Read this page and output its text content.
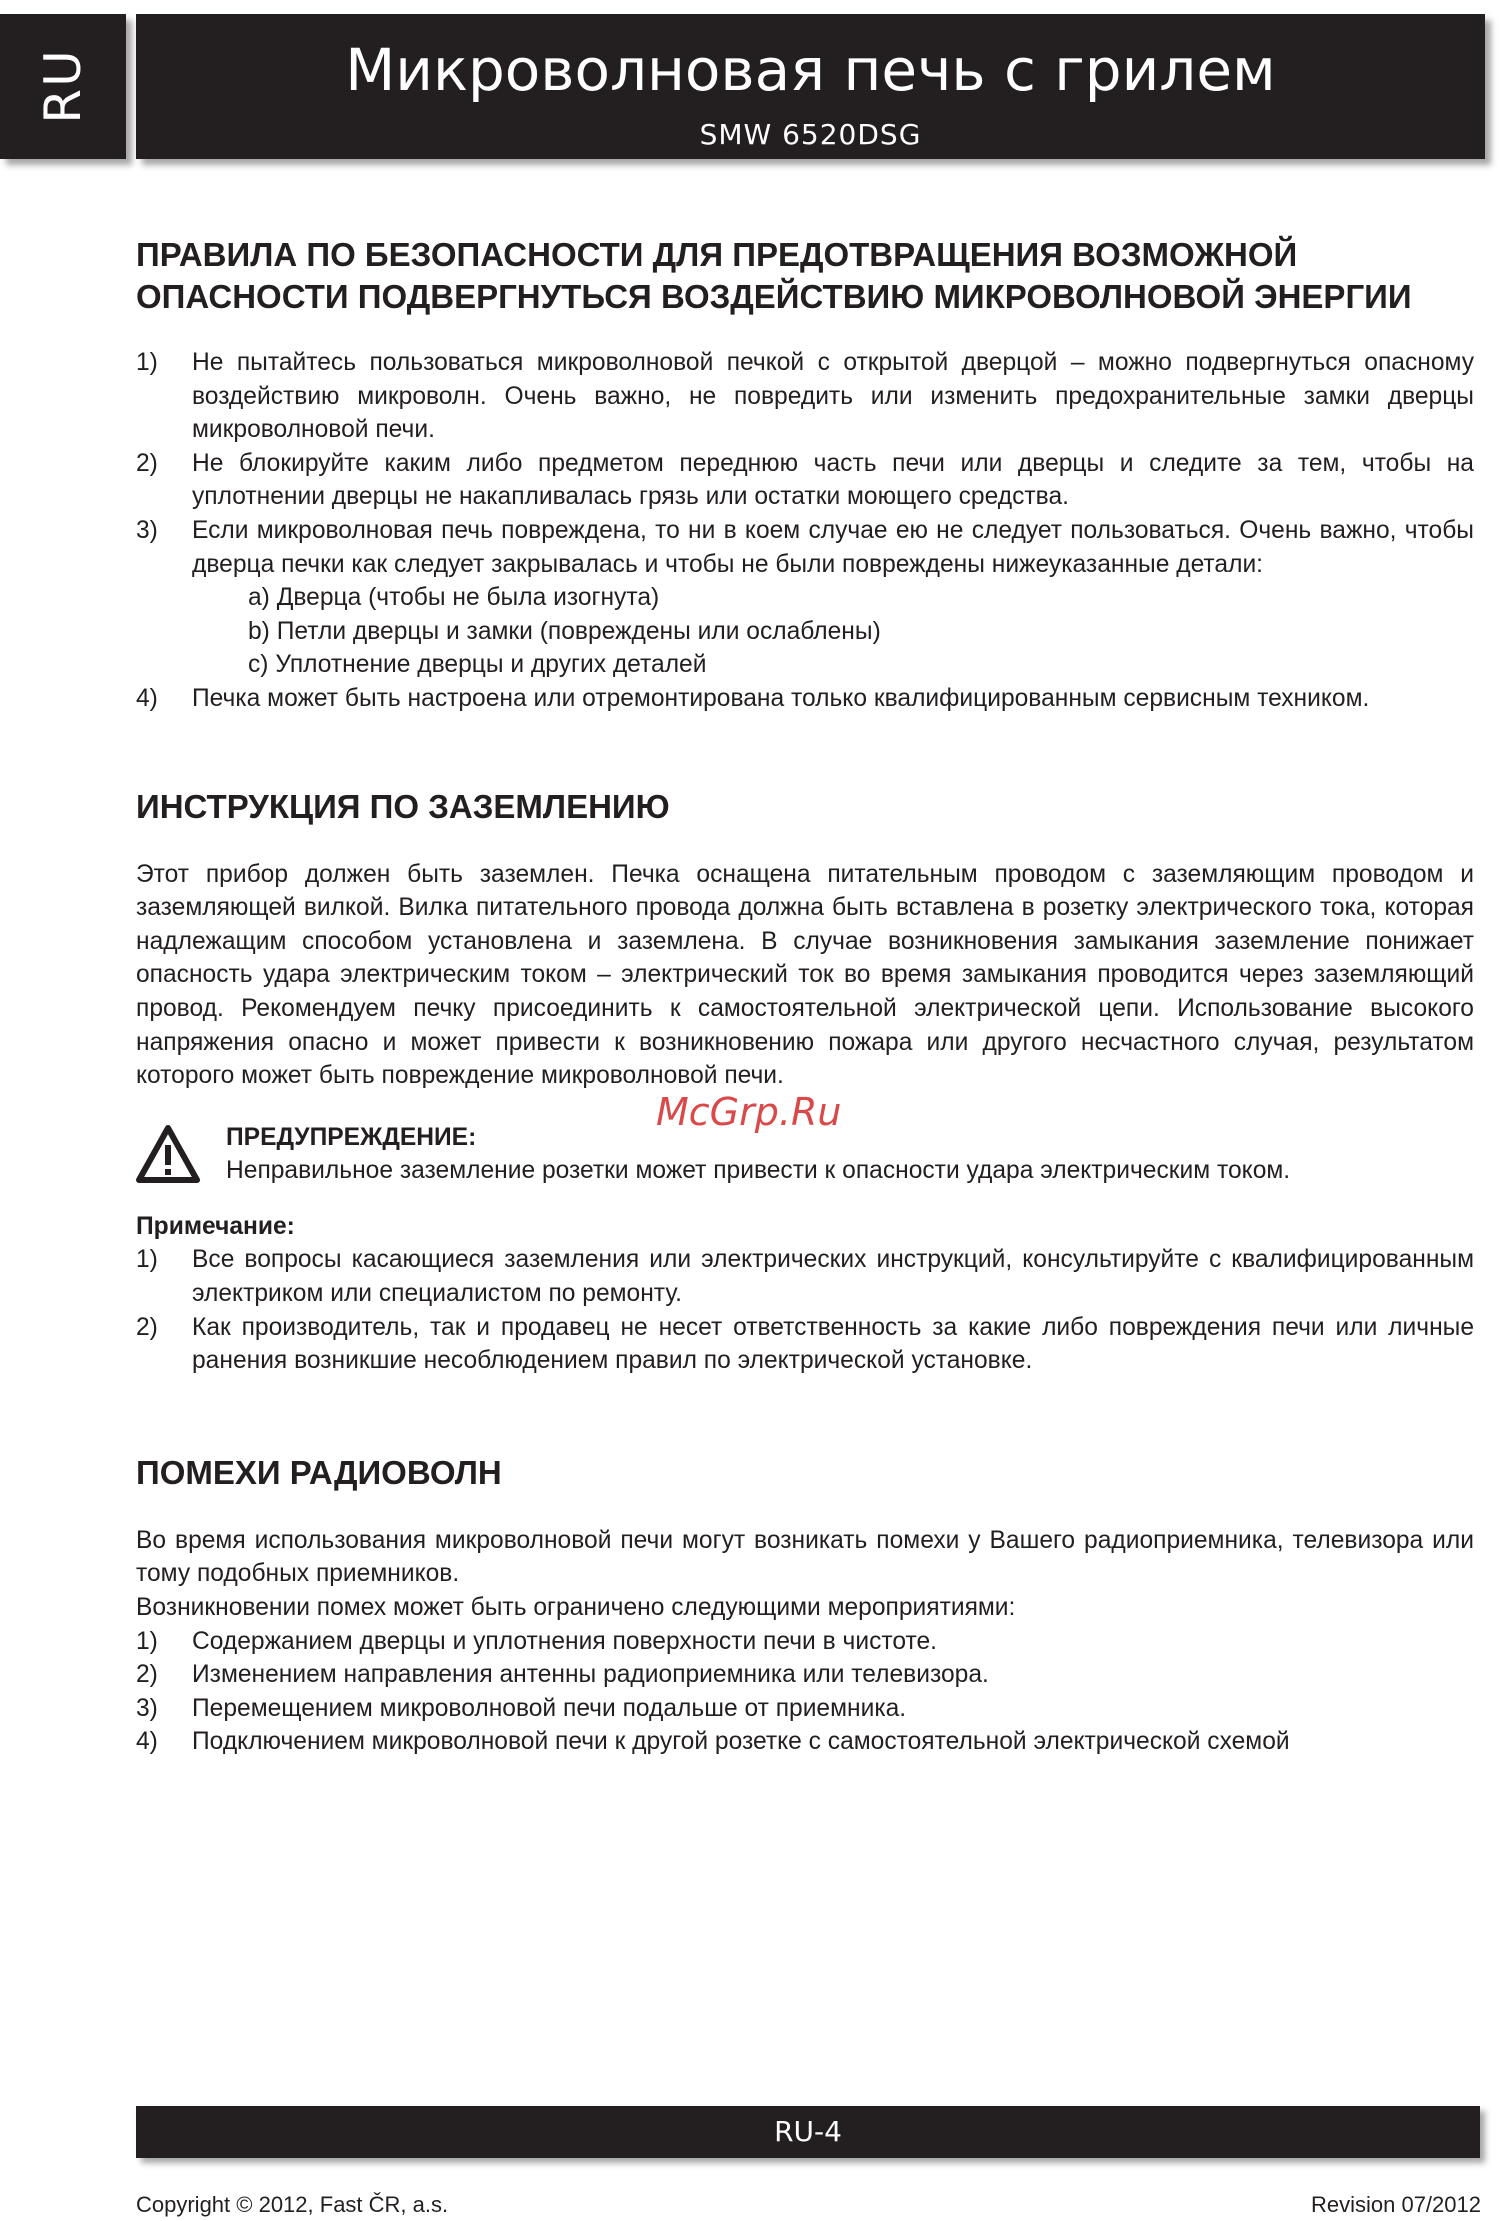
RU	Микроволновая печь с грилем
SMW 6520DSG
ПРАВИЛА ПО БЕЗОПАСНОСТИ ДЛЯ ПРЕДОТВРАЩЕНИЯ ВОЗМОЖНОЙ
ОПАСНОСТИ ПОДВЕРГНУТЬСЯ ВОЗДЕЙСТВИЮ МИКРОВОЛНОВОЙ ЭНЕРГИИ
1) Не пытайтесь пользоваться микроволновой печкой с открытой дверцой – можно подвергнуться опасному воздействию микроволн. Очень важно, не повредить или изменить предохранительные замки дверцы микроволновой печи.
2) Не блокируйте каким либо предметом переднюю часть печи или дверцы и следите за тем, чтобы на уплотнении дверцы не накапливалась грязь или остатки моющего средства.
3) Если микроволновая печь повреждена, то ни в коем случае ею не следует пользоваться. Очень важно, чтобы дверца печки как следует закрывалась и чтобы не были повреждены нижеуказанные детали:
a) Дверца (чтобы не была изогнута)
b) Петли дверцы и замки (повреждены или ослаблены)
c) Уплотнение дверцы и других деталей
4) Печка может быть настроена или отремонтирована только квалифицированным сервисным техником.
ИНСТРУКЦИЯ ПО ЗАЗЕМЛЕНИЮ

Этот прибор должен быть заземлен. Печка оснащена питательным проводом с заземляющим проводом и заземляющей вилкой. Вилка питательного провода должна быть вставлена в розетку электрического тока, которая надлежащим способом установлена и заземлена. В случае возникновения замыкания заземление понижает опасность удара электрическим током – электрический ток во время замыкания проводится через заземляющий провод. Рекомендуем печку присоединить к самостоятельной электрической цепи. Использование высокого напряжения опасно и может привести к возникновению пожара или другого несчастного случая, результатом которого может быть повреждение микроволновой печи.

ПРЕДУПРЕЖДЕНИЕ:
Неправильное заземление розетки может привести к опасности удара электрическим током.
Примечание:
1) Все вопросы касающиеся заземления или электрических инструкций, консультируйте с квалифицированным электриком или специалистом по ремонту.
2) Как производитель, так и продавец не несет ответственность за какие либо повреждения печи или личные ранения возникшие несоблюдением правил по электрической установке.
ПОМЕХИ РАДИОВОЛН

Во время использования микроволновой печи могут возникать помехи у Вашего радиоприемника, телевизора или тому подобных приемников.

Возникновении помех может быть ограничено следующими мероприятиями:

1) Содержанием дверцы и уплотнения поверхности печи в чистоте.
2) Изменением направления антенны радиоприемника или телевизора.
3) Перемещением микроволновой печи подальше от приемника.
4) Подключением микроволновой печи к другой розетке с самостоятельной электрической схемой
McGrp.Ru
RU-4
Copyright © 2012, Fast ČR, a.s.	Revision 07/2012
